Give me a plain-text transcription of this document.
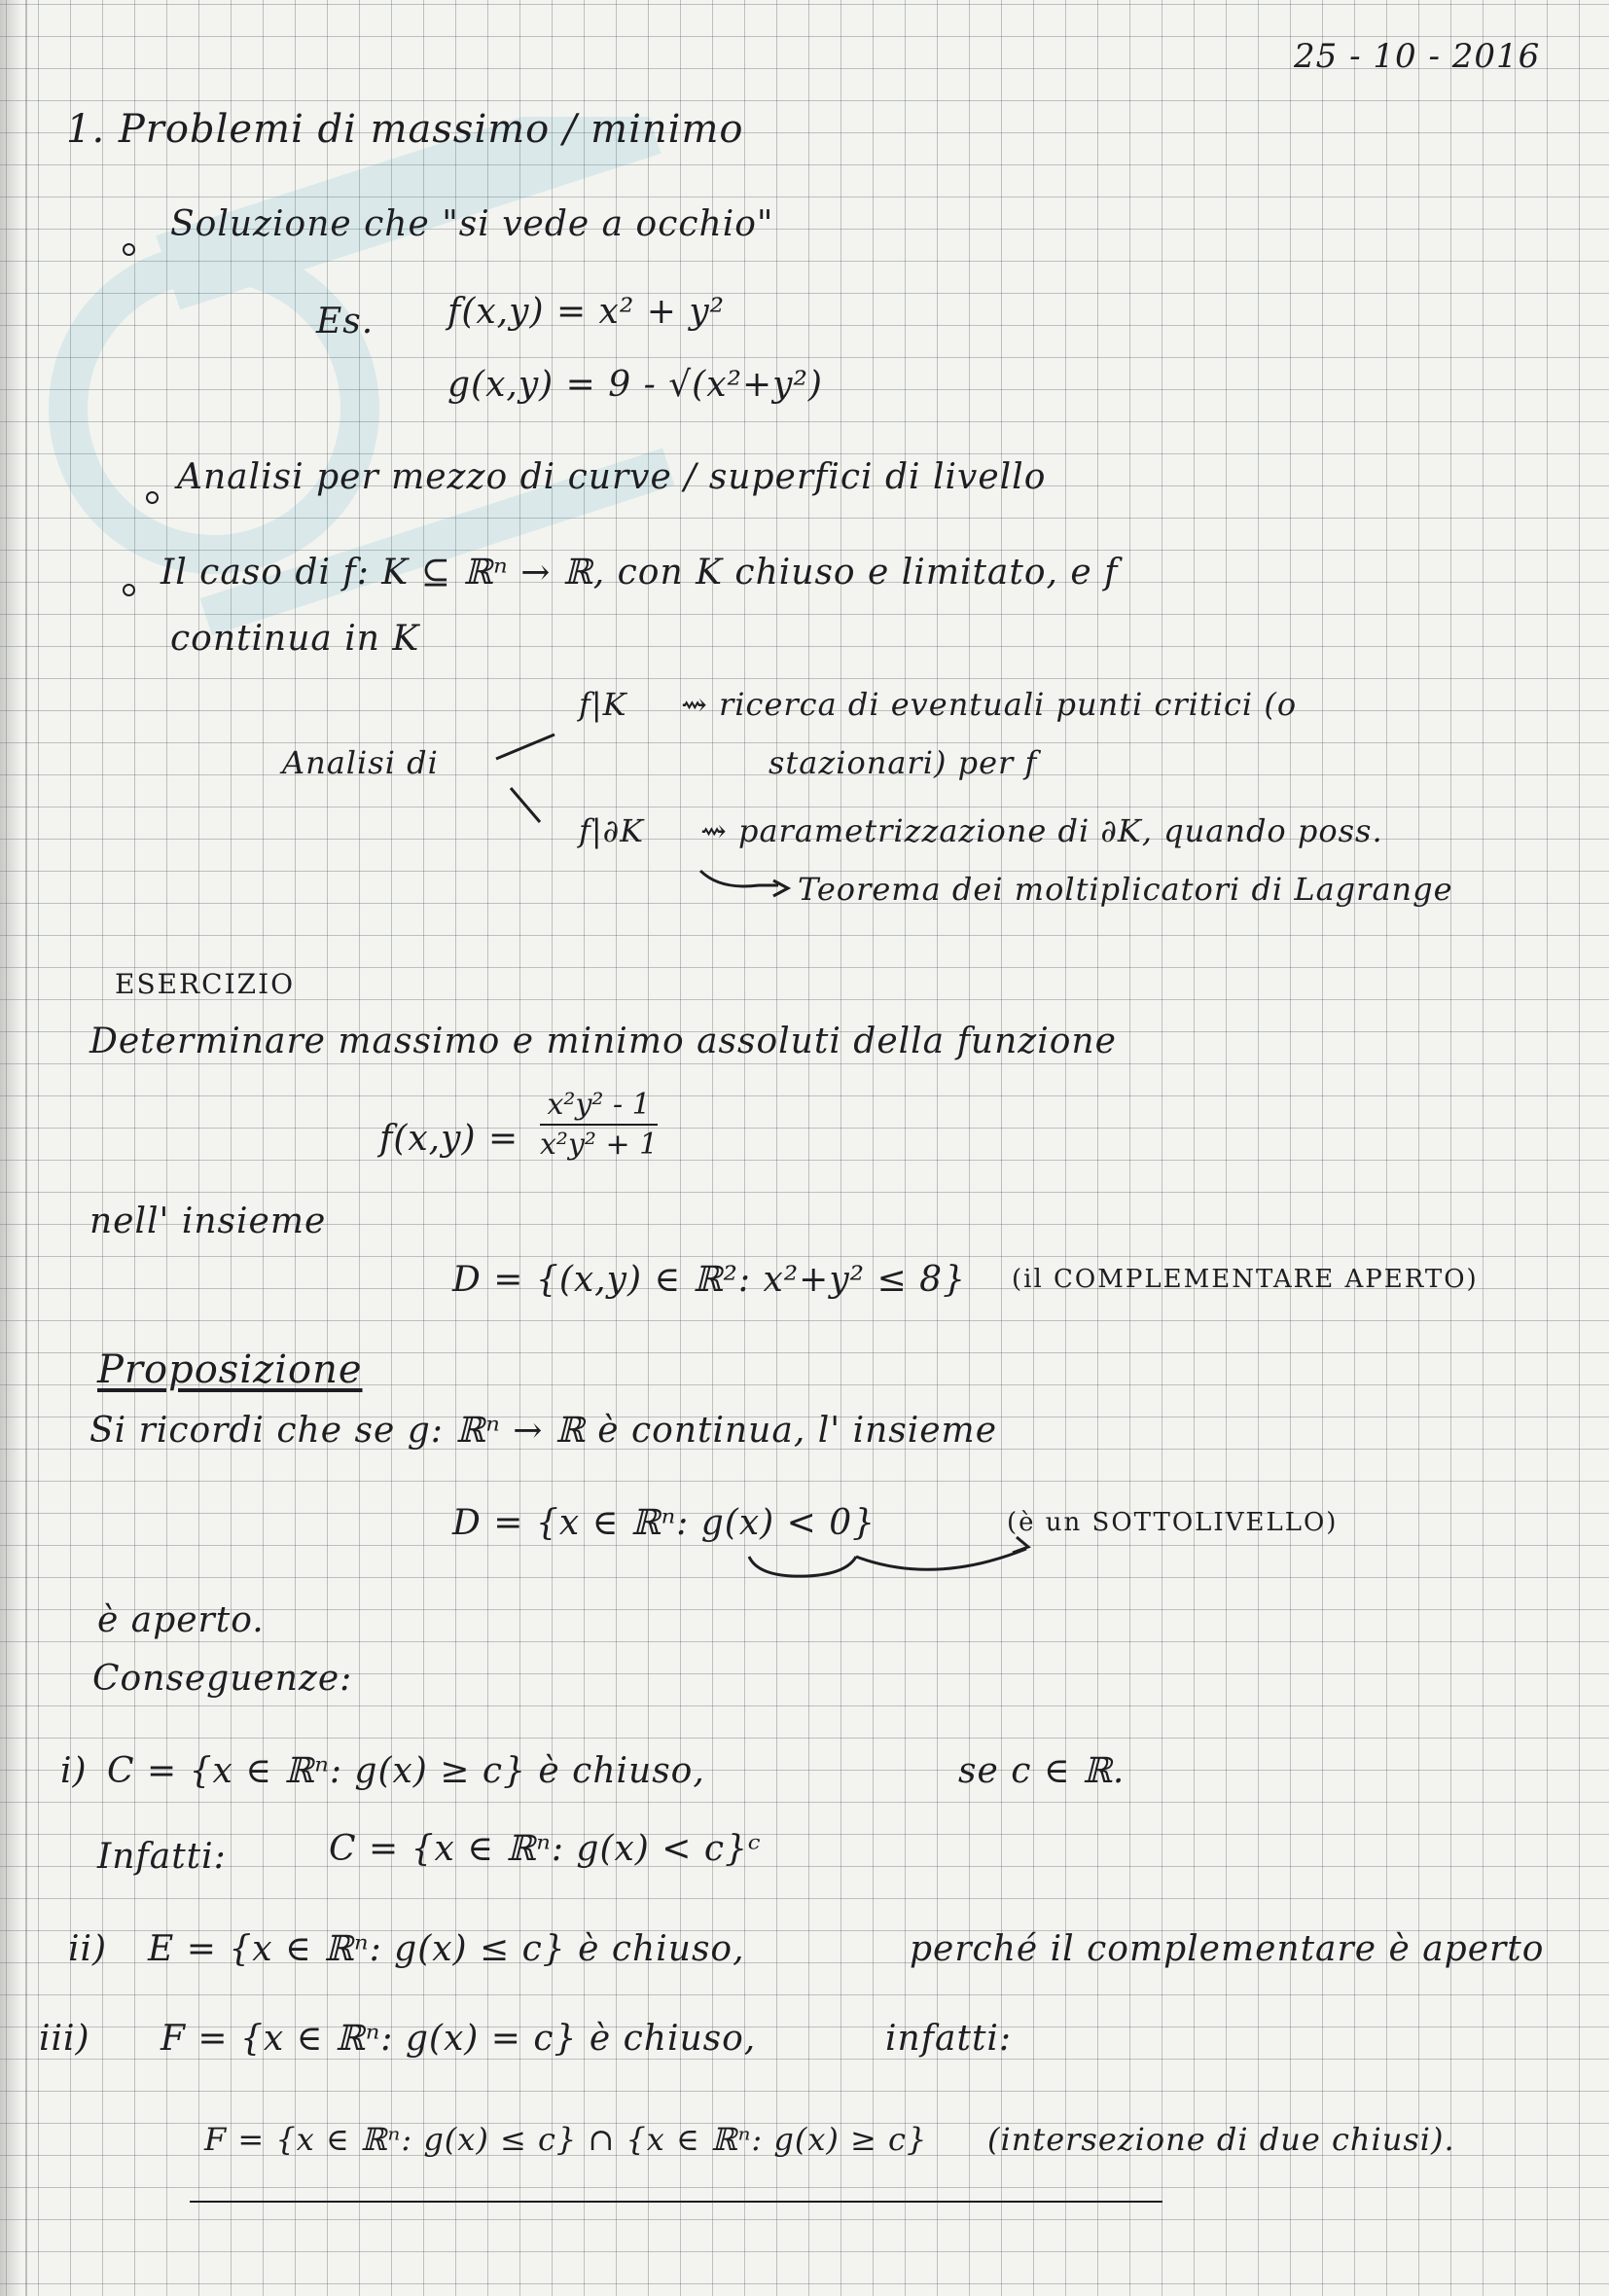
25 - 10 - 2016
1. Problemi di massimo / minimo
Soluzione che "si vede a occhio"
Es. f(x,y) = x² + y²
g(x,y) = 9 - √(x²+y²)
Analisi per mezzo di curve / superfici di livello
Il caso di f: K ⊆ ℝⁿ → ℝ, con K chiuso e limitato, e f
continua in K
Analisi di
f|K ⇝ ricerca di eventuali punti critici (o
stazionari) per f
f|∂K ⇝ parametrizzazione di ∂K, quando poss.
Teorema dei moltiplicatori di Lagrange
ESERCIZIO
Determinare massimo e minimo assoluti della funzione
$f(x,y) = \frac{\text{x²y² - 1}}{\text{x²y² + 1}}$
nell' insieme
D = {(x,y) ∈ ℝ²: x²+y² ≤ 8} (il COMPLEMENTARE APERTO)
Proposizione
Si ricordi che se g: ℝⁿ → ℝ è continua, l' insieme
D = {x ∈ ℝⁿ: g(x) < 0}	(è un SOTTOLIVELLO)
è aperto.
Conseguenze:
i) C = {x ∈ ℝⁿ: g(x) ≥ c} è chiuso,	se c ∈ ℝ.
Infatti:	C = {x ∈ ℝⁿ: g(x) < c}ᶜ
ii) E = {x ∈ ℝⁿ: g(x) ≤ c} è chiuso,	perché il complementare è aperto
iii) F = {x ∈ ℝⁿ: g(x) = c} è chiuso,	infatti:
F = {x ∈ ℝⁿ: g(x) ≤ c} ∩ {x ∈ ℝⁿ: g(x) ≥ c} (intersezione di due chiusi).
